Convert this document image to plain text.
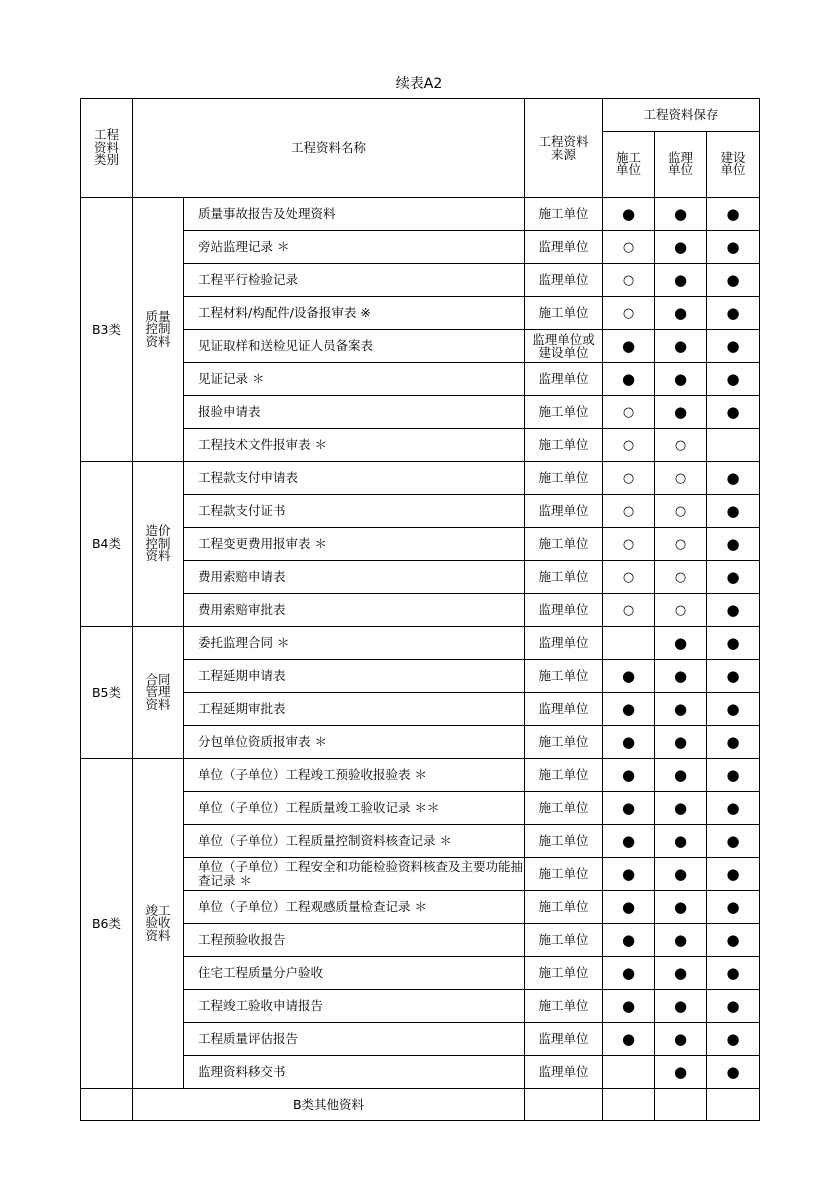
续表A2
工程资料类别	工程资料名称		工程资料来源	工程资料保存		
				施工单位	监理单位	建设单位
B3类	质量控制资料	质量事故报告及处理资料	施工单位	●	●	●
		旁站监理记录 ＊	监理单位	○	●	●
		工程平行检验记录	监理单位	○	●	●
		工程材料/构配件/设备报审表 ※	施工单位	○	●	●
		见证取样和送检见证人员备案表	监理单位或建设单位	●	●	●
		见证记录 ＊	监理单位	●	●	●
		报验申请表	施工单位	○	●	●
		工程技术文件报审表 ＊	施工单位	○	○	
B4类	造价控制资料	工程款支付申请表	施工单位	○	○	●
		工程款支付证书	监理单位	○	○	●
		工程变更费用报审表 ＊	施工单位	○	○	●
		费用索赔申请表	施工单位	○	○	●
		费用索赔审批表	监理单位	○	○	●
B5类	合同管理资料	委托监理合同 ＊	监理单位		●	●
		工程延期申请表	施工单位	●	●	●
		工程延期审批表	监理单位	●	●	●
		分包单位资质报审表 ＊	施工单位	●	●	●
B6类	竣工验收资料	单位（子单位）工程竣工预验收报验表 ＊	施工单位	●	●	●
		单位（子单位）工程质量竣工验收记录 ＊＊	施工单位	●	●	●
		单位（子单位）工程质量控制资料核查记录 ＊	施工单位	●	●	●
		单位（子单位）工程安全和功能检验资料核查及主要功能抽查记录 ＊	施工单位	●	●	●
		单位（子单位）工程观感质量检查记录 ＊	施工单位	●	●	●
		工程预验收报告	施工单位	●	●	●
		住宅工程质量分户验收	施工单位	●	●	●
		工程竣工验收申请报告	施工单位	●	●	●
		工程质量评估报告	监理单位	●	●	●
		监理资料移交书	监理单位		●	●
	B类其他资料					
